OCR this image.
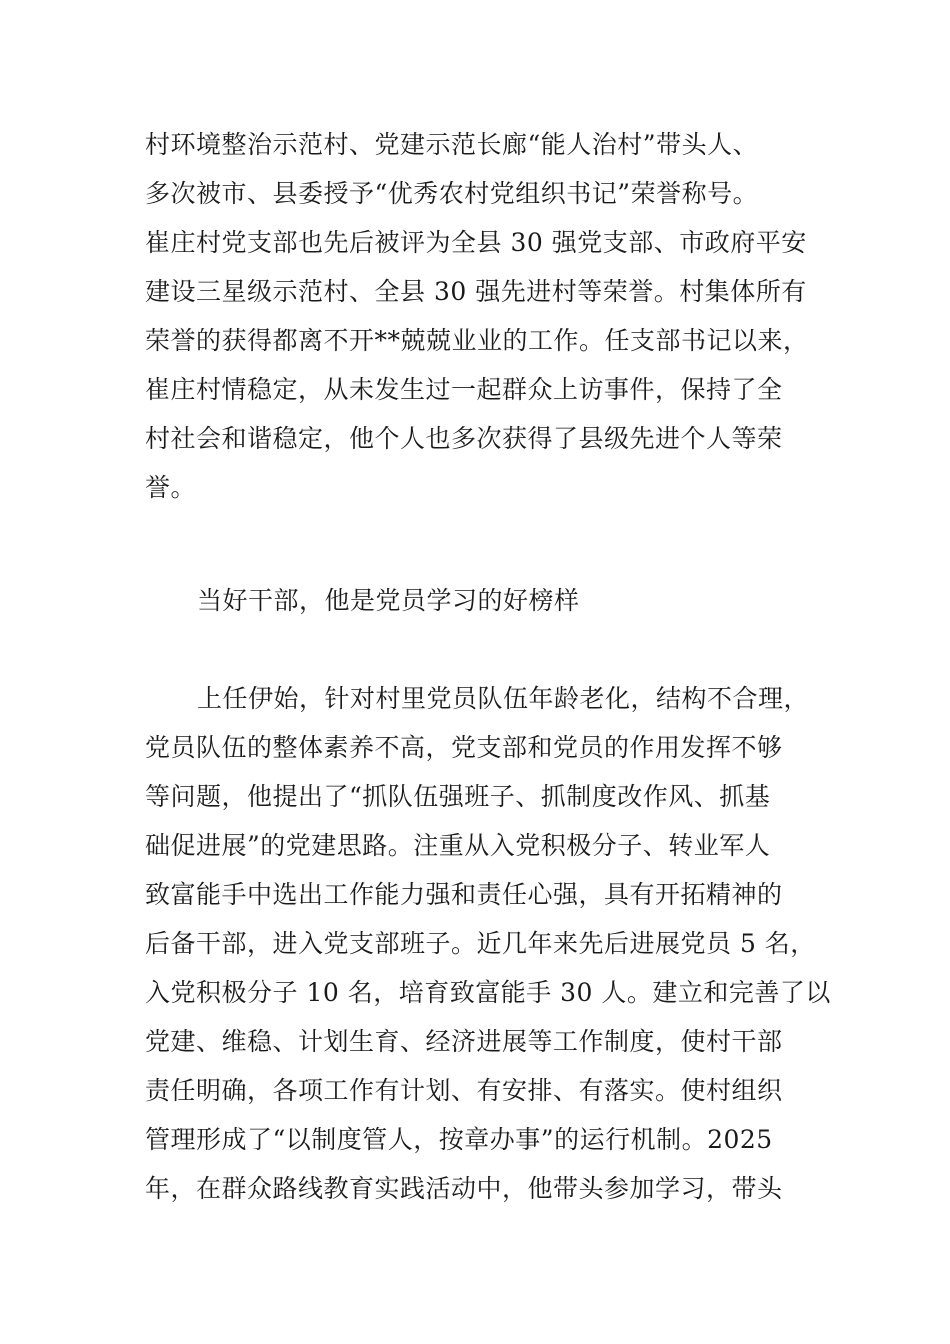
村环境整治示范村、党建示范长廊“能人治村”带头人、
多次被市、县委授予“优秀农村党组织书记”荣誉称号。
崔庄村党支部也先后被评为全县 30 强党支部、市政府平安
建设三星级示范村、全县 30 强先进村等荣誉。村集体所有
荣誉的获得都离不开**兢兢业业的工作。任支部书记以来，
崔庄村情稳定，从未发生过一起群众上访事件，保持了全
村社会和谐稳定，他个人也多次获得了县级先进个人等荣
誉。
当好干部，他是党员学习的好榜样
上任伊始，针对村里党员队伍年龄老化，结构不合理，
党员队伍的整体素养不高，党支部和党员的作用发挥不够
等问题，他提出了“抓队伍强班子、抓制度改作风、抓基
础促进展”的党建思路。注重从入党积极分子、转业军人
致富能手中选出工作能力强和责任心强，具有开拓精神的
后备干部，进入党支部班子。近几年来先后进展党员 5 名，
入党积极分子 10 名，培育致富能手 30 人。建立和完善了以
党建、维稳、计划生育、经济进展等工作制度，使村干部
责任明确，各项工作有计划、有安排、有落实。使村组织
管理形成了“以制度管人，按章办事”的运行机制。2025
年，在群众路线教育实践活动中，他带头参加学习，带头
